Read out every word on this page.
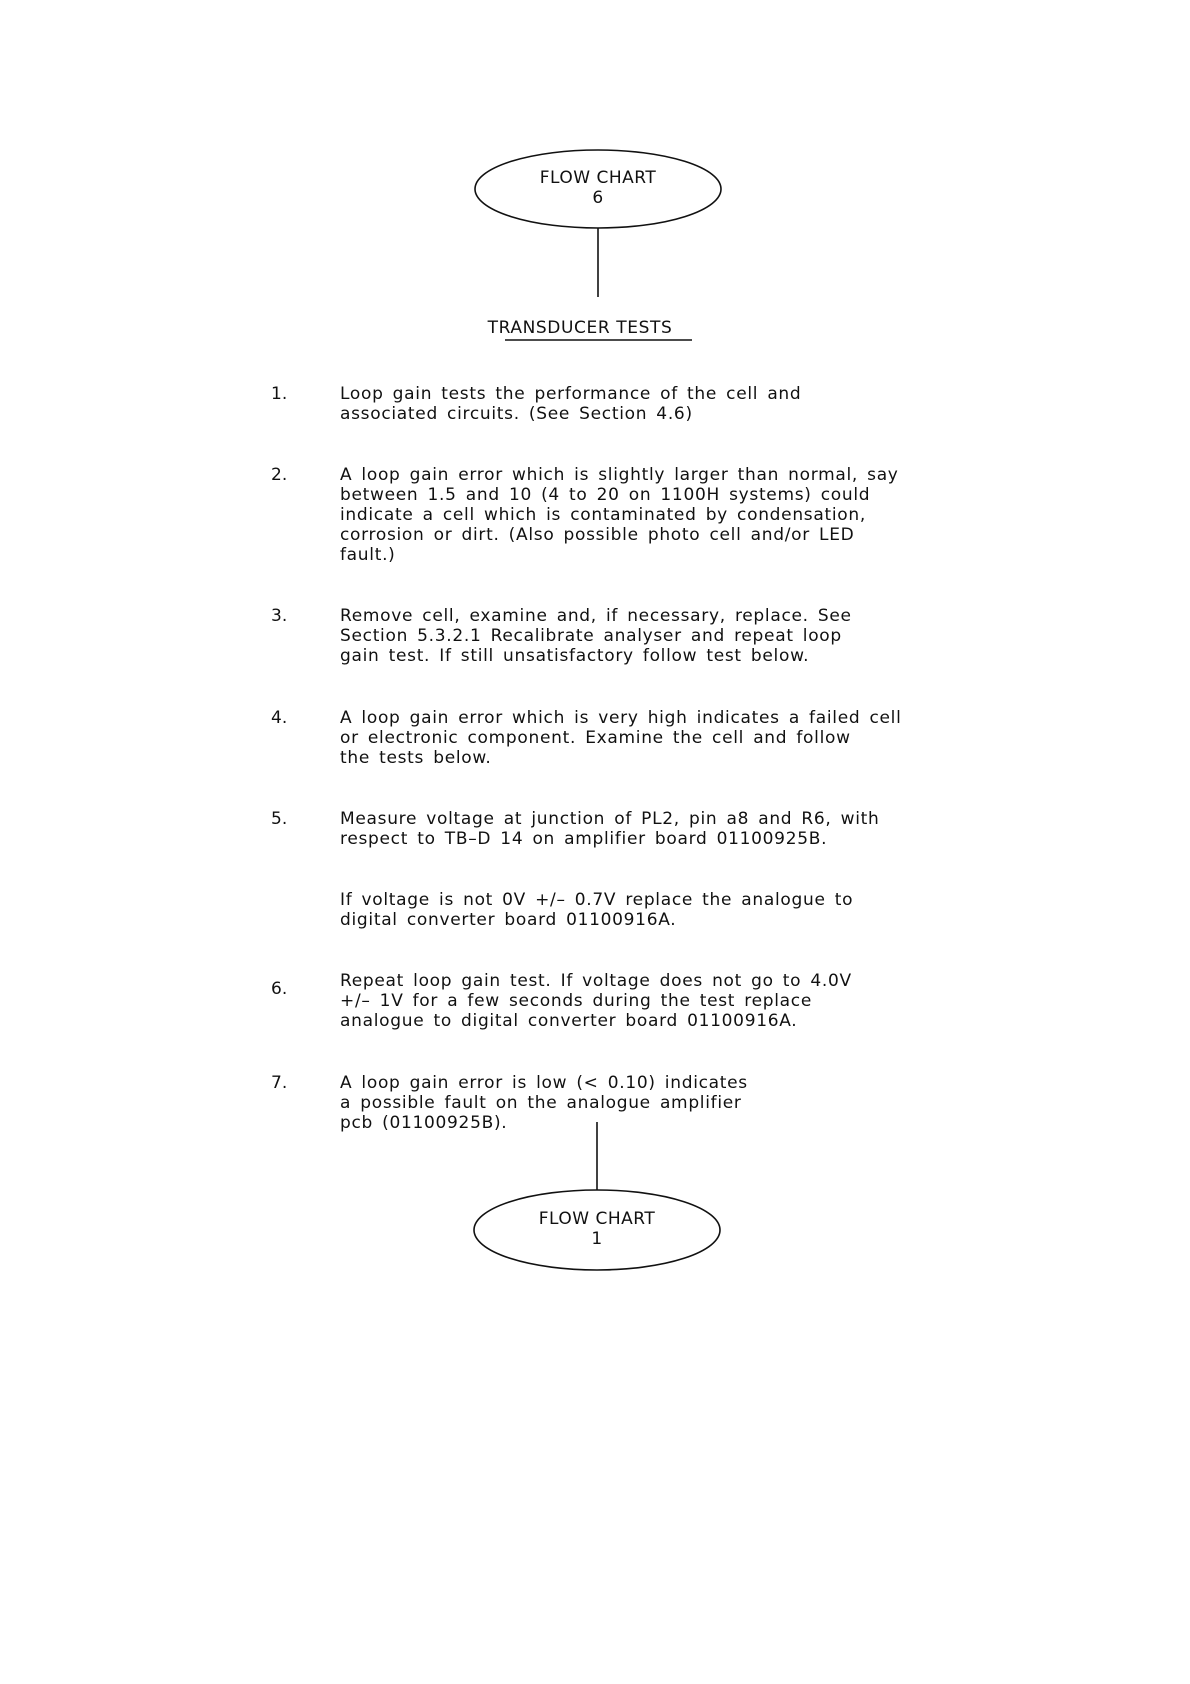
FLOW CHART
6
TRANSDUCER TESTS
1.	Loop gain tests the performance of the cell and
associated circuits. (See Section 4.6)
2.	A loop gain error which is slightly larger than normal, say
between 1.5 and 10 (4 to 20 on 1100H systems) could
indicate a cell which is contaminated by condensation,
corrosion or dirt. (Also possible photo cell and/or LED
fault.)
3.	Remove cell, examine and, if necessary, replace. See
Section 5.3.2.1 Recalibrate analyser and repeat loop
gain test. If still unsatisfactory follow test below.
4.	A loop gain error which is very high indicates a failed cell
or electronic component. Examine the cell and follow
the tests below.
5.	Measure voltage at junction of PL2, pin a8 and R6, with
respect to TB–D 14 on amplifier board 01100925B.
If voltage is not 0V +/– 0.7V replace the analogue to
digital converter board 01100916A.
6.	Repeat loop gain test. If voltage does not go to 4.0V
+/– 1V for a few seconds during the test replace
analogue to digital converter board 01100916A.
7.	A loop gain error is low (< 0.10) indicates
a possible fault on the analogue amplifier
pcb (01100925B).
FLOW CHART
1
